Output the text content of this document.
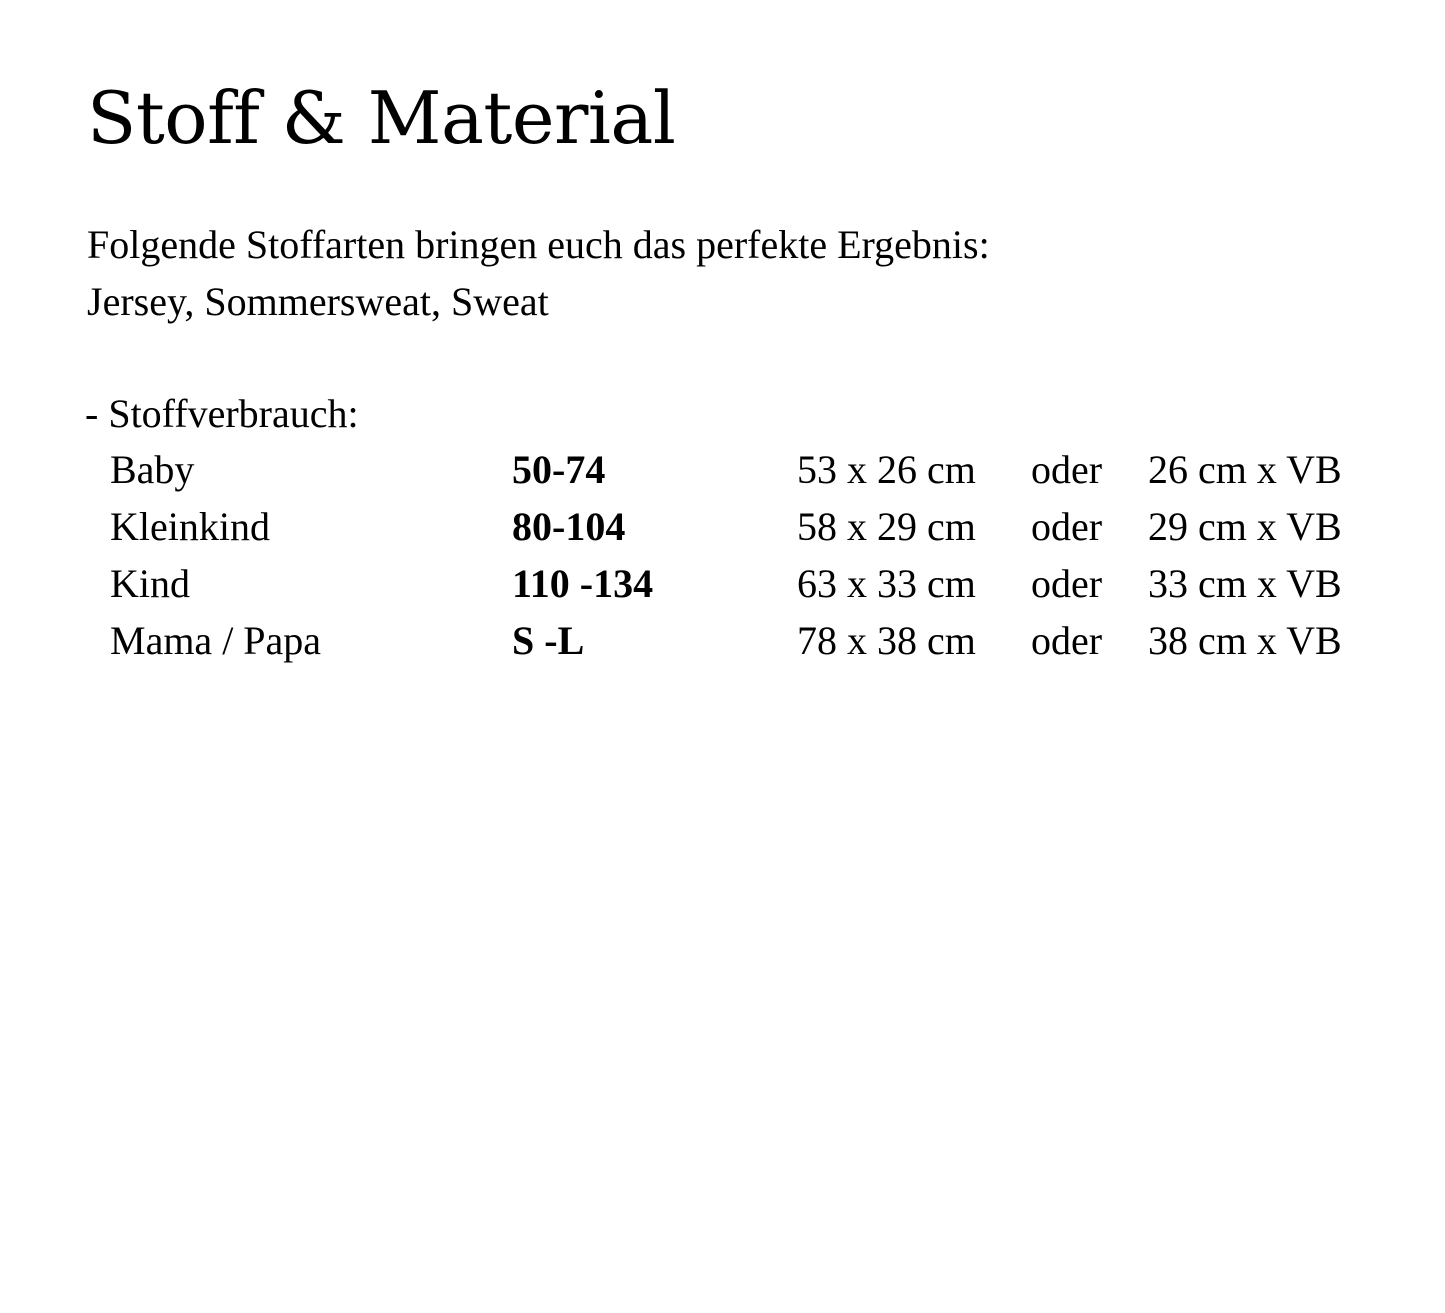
Stoff & Material
Folgende Stoffarten bringen euch das perfekte Ergebnis:
Jersey, Sommersweat, Sweat
- Stoffverbrauch:
Baby	50-74	53 x 26 cm oder 26 cm x VB
Kleinkind	80-104	58 x 29 cm oder 29 cm x VB
Kind	110 -134	63 x 33 cm oder 33 cm x VB
Mama / Papa	S -L	78 x 38 cm oder 38 cm x VB
